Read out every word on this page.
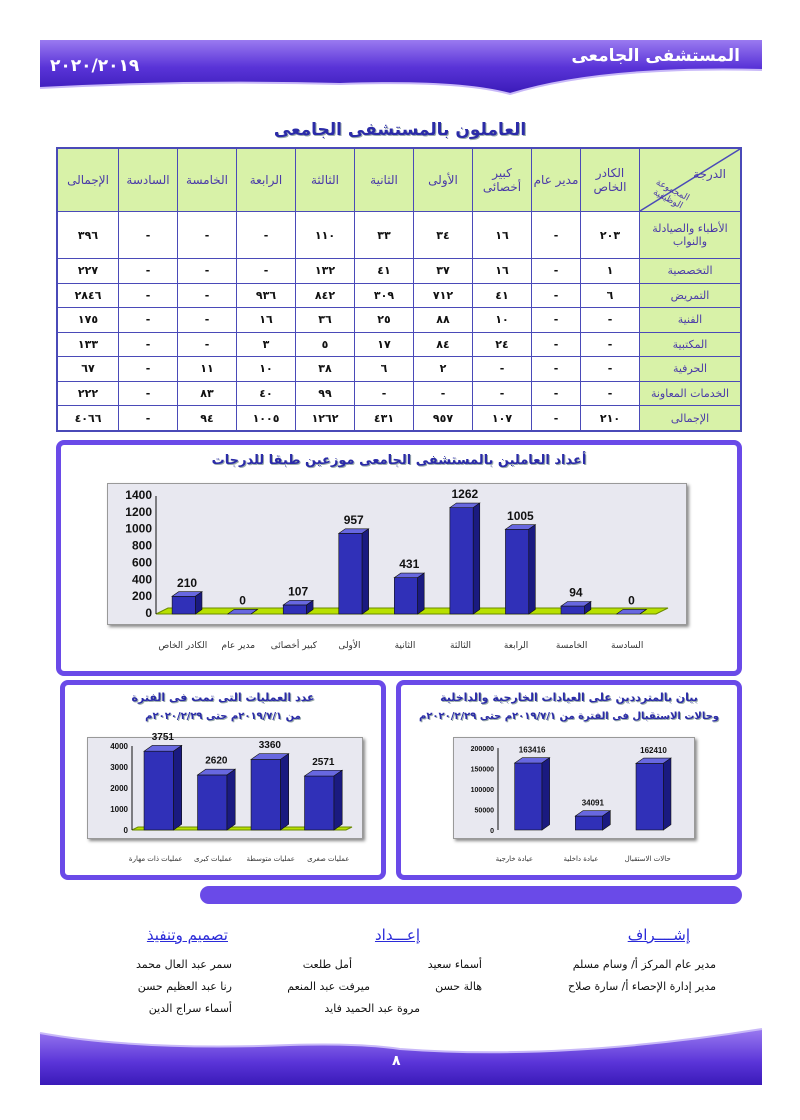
المستشفى الجامعى
٢٠٢٠/٢٠١٩
العاملون بالمستشفى الجامعى
الدرجة
المجموعة الوظيفية	الكادر الخاص	مدير عام	كبير أخصائى	الأولى	الثانية	الثالثة	الرابعة	الخامسة	السادسة	الإجمالى
الأطباء والصيادلة والنواب	٢٠٣	-	١٦	٣٤	٣٣	١١٠	-	-	-	٣٩٦
التخصصية	١	-	١٦	٣٧	٤١	١٣٢	-	-	-	٢٢٧
التمريض	٦	-	٤١	٧١٢	٣٠٩	٨٤٢	٩٣٦	-	-	٢٨٤٦
الفنية	-	-	١٠	٨٨	٢٥	٣٦	١٦	-	-	١٧٥
المكتبية	-	-	٢٤	٨٤	١٧	٥	٣	-	-	١٣٣
الحرفية	-	-	-	٢	٦	٣٨	١٠	١١	-	٦٧
الخدمات المعاونة	-	-	-	-	-	٩٩	٤٠	٨٣	-	٢٢٢
الإجمالى	٢١٠	-	١٠٧	٩٥٧	٤٣١	١٢٦٢	١٠٠٥	٩٤	-	٤٠٦٦
أعداد العاملين بالمستشفى الجامعى موزعين طبقا للدرجات
0
200
400
600
800
1000
1200
1400
210
0
107
957
431
1262
1005
94
0
الكادر الخاص	مدير عام	كبير أخصائى	الأولى	الثانية	الثالثة	الرابعة	الخامسة	السادسة
عدد العمليات التى تمت فى الفترة
من ٢٠١٩/٧/١م حتى ٢٠٢٠/٢/٢٩م
0
1000
2000
3000
4000
3751
2620
3360
2571
عمليات ذات مهارة	عمليات كبرى	عمليات متوسطة	عمليات صغرى
بيان بالمترددين على العيادات الخارجية والداخلية
وحالات الاستقبال فى الفترة من ٢٠١٩/٧/١م حتى ٢٠٢٠/٢/٢٩م
0
50000
100000
150000
200000	163416
34091
162410
عيادة خارجية	عيادة داخلية	حالات الاستقبال
إشــــراف
مدير عام المركز أ/ وسام مسلم
مدير إدارة الإحصاء أ/ سارة صلاح
إعـــداد
أسماء سعيد
أمل طلعت
هالة حسن
ميرفت عبد المنعم
مروة عبد الحميد فايد
تصميم وتنفيذ
سمر عبد العال محمد
رنا عبد العظيم حسن
أسماء سراج الدين
٨
